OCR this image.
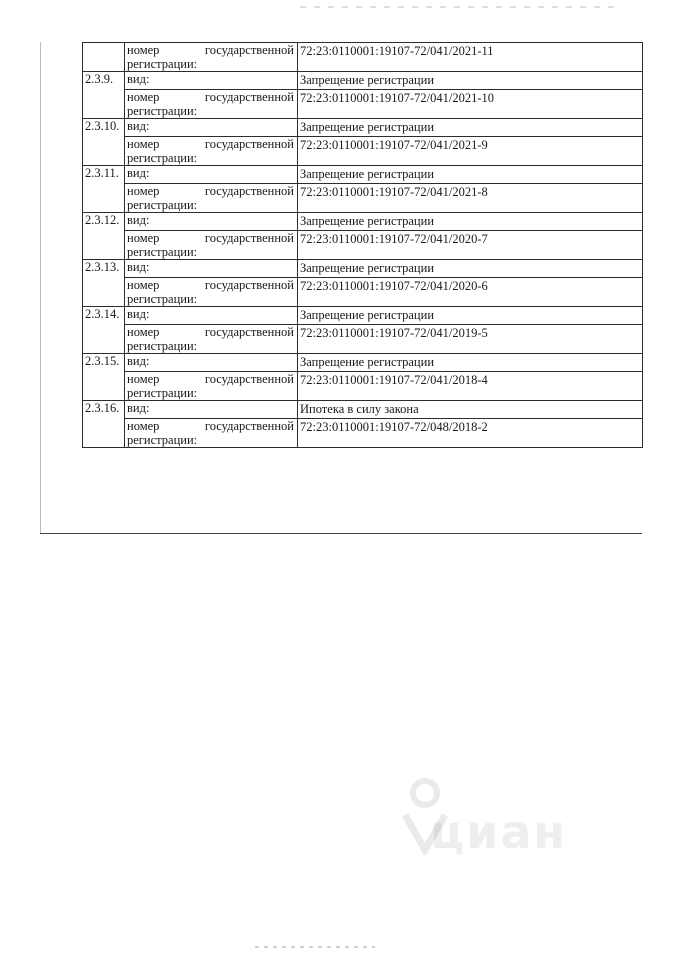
	номер государственной
регистрации:	72:23:0110001:19107-72/041/2021-11

2.3.9.	вид:	Запрещение регистрации

	номер государственной
регистрации:	72:23:0110001:19107-72/041/2021-10

2.3.10.	вид:	Запрещение регистрации

	номер государственной
регистрации:	72:23:0110001:19107-72/041/2021-9

2.3.11.	вид:	Запрещение регистрации

	номер государственной
регистрации:	72:23:0110001:19107-72/041/2021-8

2.3.12.	вид:	Запрещение регистрации

	номер государственной
регистрации:	72:23:0110001:19107-72/041/2020-7

2.3.13.	вид:	Запрещение регистрации

	номер государственной
регистрации:	72:23:0110001:19107-72/041/2020-6

2.3.14.	вид:	Запрещение регистрации

	номер государственной
регистрации:	72:23:0110001:19107-72/041/2019-5

2.3.15.	вид:	Запрещение регистрации

	номер государственной
регистрации:	72:23:0110001:19107-72/041/2018-4

2.3.16.	вид:	Ипотека в силу закона

	номер государственной
регистрации:	72:23:0110001:19107-72/048/2018-2
циан
